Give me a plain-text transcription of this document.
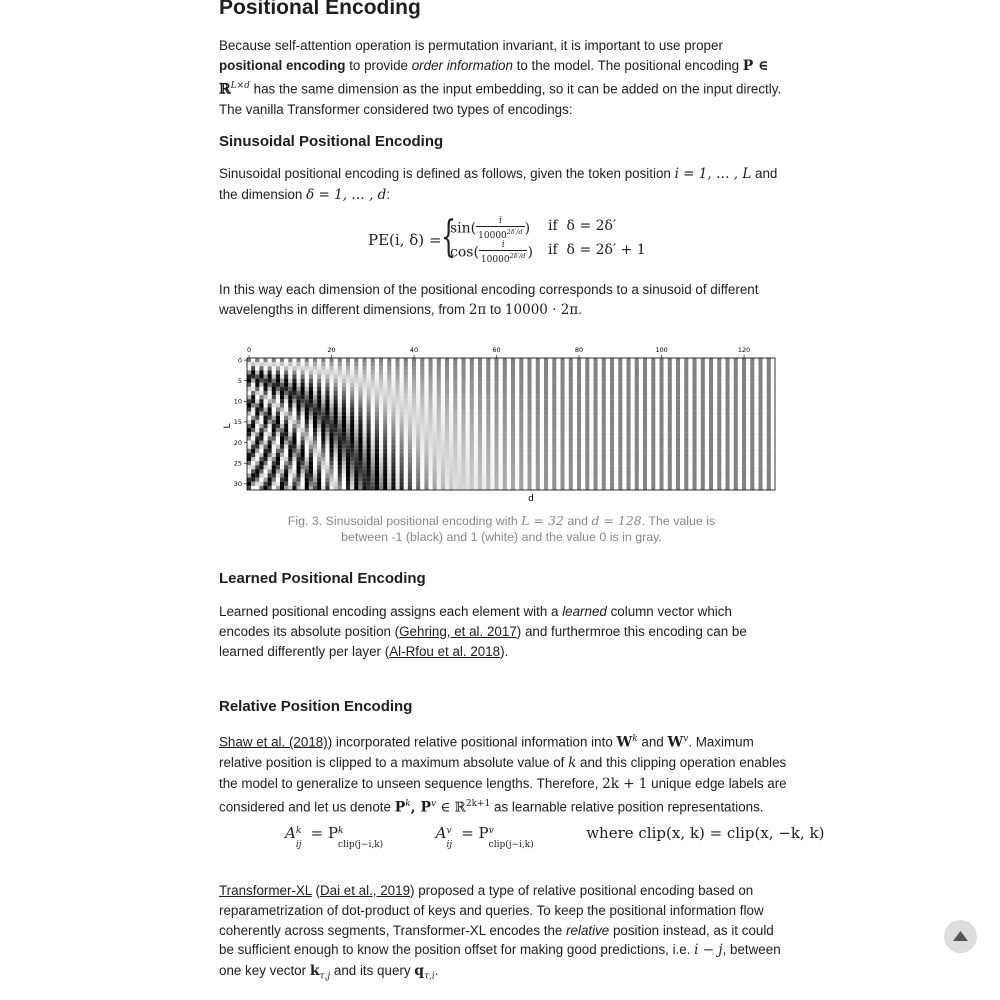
Positional Encoding

Because self-attention operation is permutation invariant, it is important to use proper positional encoding to provide order information to the model. The positional encoding P ∈ ℝ$^{L\times d}$ has the same dimension as the input embedding, so it can be added on the input directly. The vanilla Transformer considered two types of encodings:

Sinusoidal Positional Encoding

Sinusoidal positional encoding is defined as follows, given the token position i = 1, … , L and the dimension δ = 1, … , d:

PE(i, δ) = {
$\sin( \frac{i}{10000^{2\delta'/d}}$ )
$\cos( \frac{i}{10000^{2\delta'/d}}$ )
if  δ = 2δ′
if  δ = 2δ′ + 1

In this way each dimension of the positional encoding corresponds to a sinusoid of different wavelengths in different dimensions, from 2π to 10000 · 2π.

0	20	40	60	80	100	120
0
5
10
15
20
25
30
d
L
Fig. 3. Sinusoidal positional encoding with L = 32 and d = 128. The value is
between -1 (black) and 1 (white) and the value 0 is in gray.
Learned Positional Encoding

Learned positional encoding assigns each element with a learned column vector which encodes its absolute position (Gehring, et al. 2017) and furthermroe this encoding can be learned differently per layer (Al-Rfou et al. 2018).

Relative Position Encoding

Shaw et al. (2018)) incorporated relative positional information into $W^k$ and $W^v$. Maximum relative position is clipped to a maximum absolute value of k and this clipping operation enables the model to generalize to unseen sequence lengths. Therefore, 2k + 1 unique edge labels are considered and let us denote $P^k$, $P^v$ ∈ ℝ$^{2k+1}$ as learnable relative position representations.

A k
ij
= P k
clip(j−i,k)
A v
ij
= P v
clip(j−i,k)
where clip(x, k) = clip(x, −k, k)

Transformer-XL (Dai et al., 2019) proposed a type of relative positional encoding based on reparametrization of dot-product of keys and queries. To keep the positional information flow coherently across segments, Transformer-XL encodes the relative position instead, as it could be sufficient enough to know the position offset for making good predictions, i.e. i − j, between one key vector $k_{\tau,j}$ and its query $q_{\tau,i}$.
